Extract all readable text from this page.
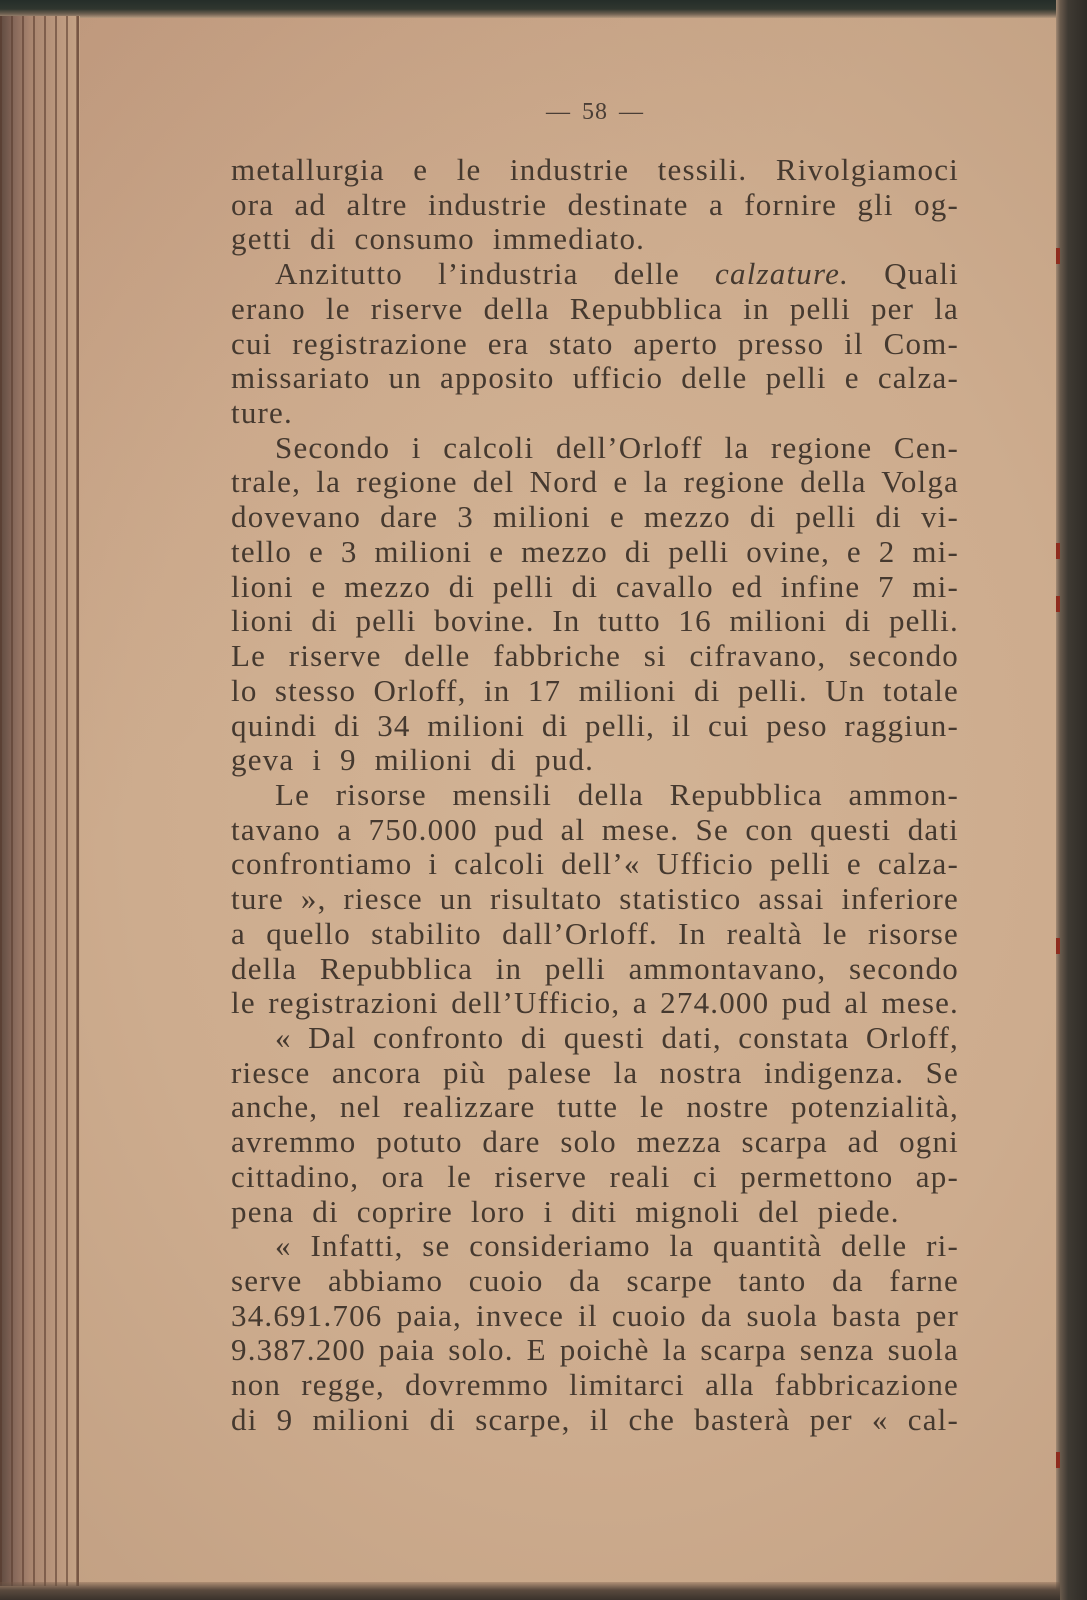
— 58 —
metallurgia e le industrie tessili. Rivolgiamoci
ora ad altre industrie destinate a fornire gli og-
getti di consumo immediato.
Anzitutto l’industria delle calzature. Quali
erano le riserve della Repubblica in pelli per la
cui registrazione era stato aperto presso il Com-
missariato un apposito ufficio delle pelli e calza-
ture.
Secondo i calcoli dell’Orloff la regione Cen-
trale, la regione del Nord e la regione della Volga
dovevano dare 3 milioni e mezzo di pelli di vi-
tello e 3 milioni e mezzo di pelli ovine, e 2 mi-
lioni e mezzo di pelli di cavallo ed infine 7 mi-
lioni di pelli bovine. In tutto 16 milioni di pelli.
Le riserve delle fabbriche si cifravano, secondo
lo stesso Orloff, in 17 milioni di pelli. Un totale
quindi di 34 milioni di pelli, il cui peso raggiun-
geva i 9 milioni di pud.
Le risorse mensili della Repubblica ammon-
tavano a 750.000 pud al mese. Se con questi dati
confrontiamo i calcoli dell’« Ufficio pelli e calza-
ture », riesce un risultato statistico assai inferiore
a quello stabilito dall’Orloff. In realtà le risorse
della Repubblica in pelli ammontavano, secondo
le registrazioni dell’Ufficio, a 274.000 pud al mese.
« Dal confronto di questi dati, constata Orloff,
riesce ancora più palese la nostra indigenza. Se
anche, nel realizzare tutte le nostre potenzialità,
avremmo potuto dare solo mezza scarpa ad ogni
cittadino, ora le riserve reali ci permettono ap-
pena di coprire loro i diti mignoli del piede.
« Infatti, se consideriamo la quantità delle ri-
serve abbiamo cuoio da scarpe tanto da farne
34.691.706 paia, invece il cuoio da suola basta per
9.387.200 paia solo. E poichè la scarpa senza suola
non regge, dovremmo limitarci alla fabbricazione
di 9 milioni di scarpe, il che basterà per « cal-
